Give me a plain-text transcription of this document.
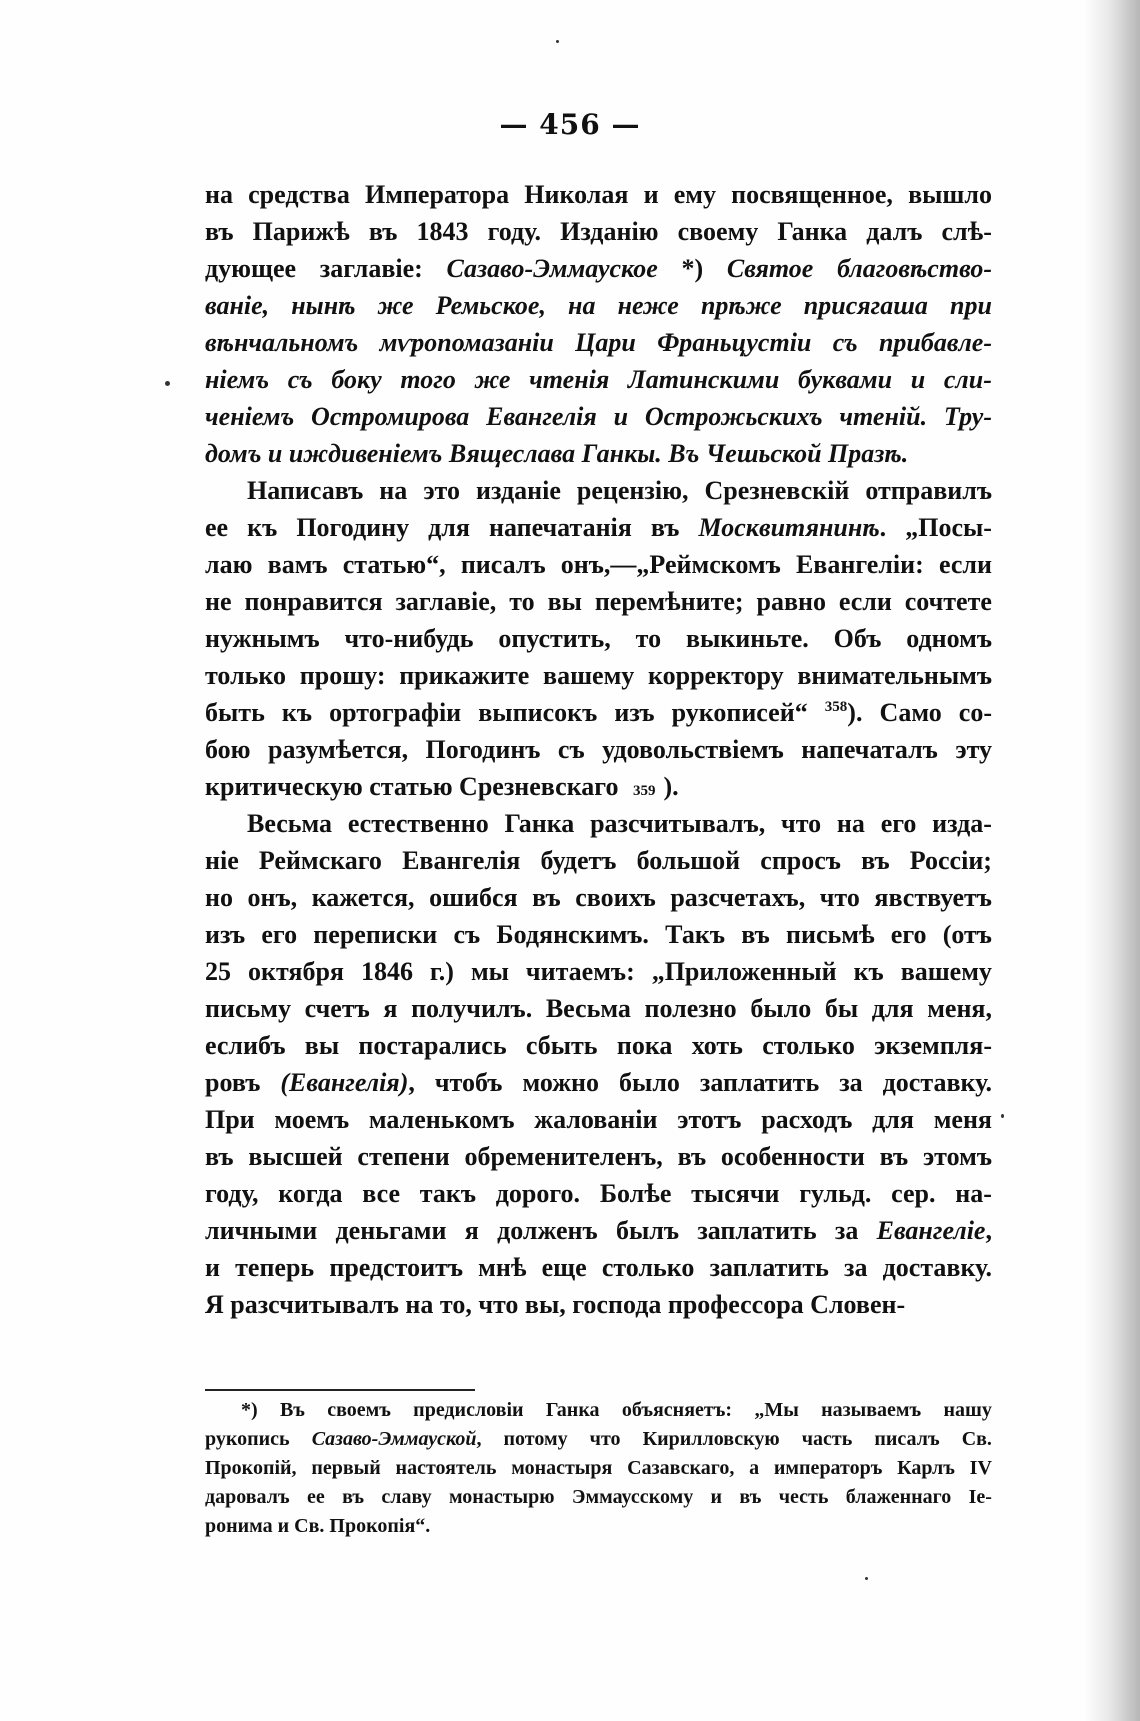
— 456 —
на средства Императора Николая и ему посвященное, вышло
въ Парижѣ въ 1843 году. Изданію своему Ганка далъ слѣ-
дующее заглавіе: Сазаво-Эммауское *) Святое благовѣство-
ваніе, нынѣ же Ремьское, на неже прѣже присягаша при
вѣнчальномъ мѵропомазаніи Цари Франьцустіи съ прибавле-
ніемъ съ боку того же чтенія Латинскими буквами и сли-
ченіемъ Остромирова Евангелія и Острожьскихъ чтеній. Тру-
домъ и иждивеніемъ Вящеслава Ганкы. Въ Чешьской Празѣ.
Написавъ на это изданіе рецензію, Срезневскій отправилъ
ее къ Погодину для напечатанія въ Москвитянинѣ. „Посы-
лаю вамъ статью“, писалъ онъ,—„Реймскомъ Евангеліи: если
не понравится заглавіе, то вы перемѣните; равно если сочтете
нужнымъ что-нибудь опустить, то выкиньте. Объ одномъ
только прошу: прикажите вашему корректору внимательнымъ
быть къ ортографіи выписокъ изъ рукописей“ 358). Само со-
бою разумѣется, Погодинъ съ удовольствіемъ напечаталъ эту
критическую статью Срезневскаго 359 ).
Весьма естественно Ганка разсчитывалъ, что на его изда-
ніе Реймскаго Евангелія будетъ большой спросъ въ Россіи;
но онъ, кажется, ошибся въ своихъ разсчетахъ, что явствуетъ
изъ его переписки съ Бодянскимъ. Такъ въ письмѣ его (отъ
25 октября 1846 г.) мы читаемъ: „Приложенный къ вашему
письму счетъ я получилъ. Весьма полезно было бы для меня,
еслибъ вы постарались сбыть пока хоть столько экземпля-
ровъ (Евангелія), чтобъ можно было заплатить за доставку.
При моемъ маленькомъ жалованіи этотъ расходъ для меня
въ высшей степени обременителенъ, въ особенности въ этомъ
году, когда все такъ дорого. Болѣе тысячи гульд. сер. на-
личными деньгами я долженъ былъ заплатить за Евангеліе,
и теперь предстоитъ мнѣ еще столько заплатить за доставку.
Я разсчитывалъ на то, что вы, господа профессора Словен-
*) Въ своемъ предисловіи Ганка объясняетъ: „Мы называемъ нашу
рукопись Сазаво-Эммауской, потому что Кирилловскую часть писалъ Св.
Прокопій, первый настоятель монастыря Сазавскаго, а императоръ Карлъ IV
даровалъ ее въ славу монастырю Эммаусскому и въ честь блаженнаго Іе-
ронима и Св. Прокопія“.
